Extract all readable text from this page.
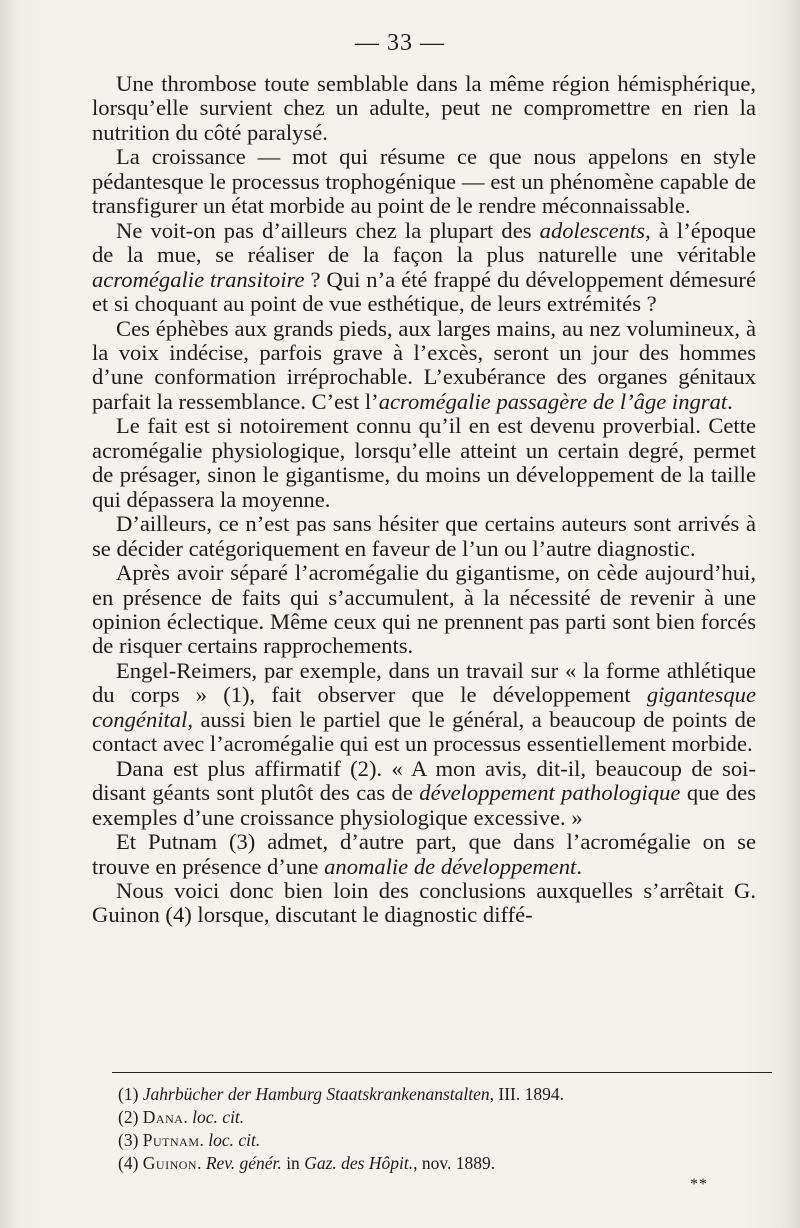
— 33 —

Une thrombose toute semblable dans la même région hémisphérique, lorsqu’elle survient chez un adulte, peut ne compromettre en rien la nutrition du côté paralysé.

La croissance — mot qui résume ce que nous appelons en style pédantesque le processus trophogénique — est un phénomène capable de transfigurer un état morbide au point de le rendre méconnaissable.

Ne voit-on pas d’ailleurs chez la plupart des adolescents, à l’époque de la mue, se réaliser de la façon la plus naturelle une véritable acromégalie transitoire ? Qui n’a été frappé du développement démesuré et si choquant au point de vue esthétique, de leurs extrémités ?

Ces éphèbes aux grands pieds, aux larges mains, au nez volumineux, à la voix indécise, parfois grave à l’excès, seront un jour des hommes d’une conformation irréprochable. L’exubérance des organes génitaux parfait la ressemblance. C’est l’acromégalie passagère de l’âge ingrat.

Le fait est si notoirement connu qu’il en est devenu proverbial. Cette acromégalie physiologique, lorsqu’elle atteint un certain degré, permet de présager, sinon le gigantisme, du moins un développement de la taille qui dépassera la moyenne.

D’ailleurs, ce n’est pas sans hésiter que certains auteurs sont arrivés à se décider catégoriquement en faveur de l’un ou l’autre diagnostic.

Après avoir séparé l’acromégalie du gigantisme, on cède aujourd’hui, en présence de faits qui s’accumulent, à la nécessité de revenir à une opinion éclectique. Même ceux qui ne prennent pas parti sont bien forcés de risquer certains rapprochements.

Engel-Reimers, par exemple, dans un travail sur « la forme athlétique du corps » (1), fait observer que le développement gigantesque congénital, aussi bien le partiel que le général, a beaucoup de points de contact avec l’acromégalie qui est un processus essentiellement morbide.

Dana est plus affirmatif (2). « A mon avis, dit-il, beaucoup de soi-disant géants sont plutôt des cas de développement pathologique que des exemples d’une croissance physiologique excessive. »

Et Putnam (3) admet, d’autre part, que dans l’acromégalie on se trouve en présence d’une anomalie de développement.

Nous voici donc bien loin des conclusions auxquelles s’arrêtait G. Guinon (4) lorsque, discutant le diagnostic diffé-

(1) Jahrbücher der Hamburg Staatskrankenanstalten, III. 1894.
(2) Dana. loc. cit.
(3) Putnam. loc. cit.
(4) Guinon. Rev. génér. in Gaz. des Hôpit., nov. 1889.
**
